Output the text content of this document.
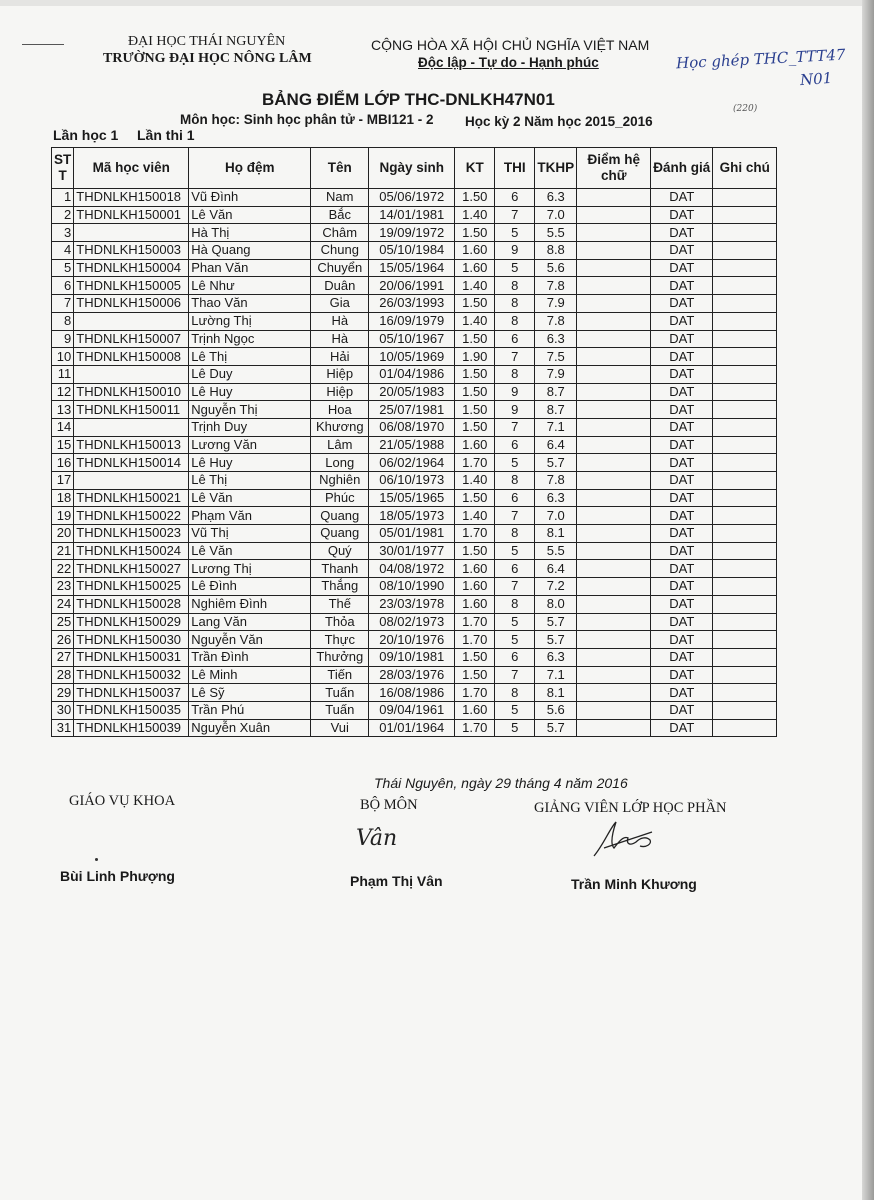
ĐẠI HỌC THÁI NGUYÊN
TRƯỜNG ĐẠI HỌC NÔNG LÂM
CỘNG HÒA XÃ HỘI CHỦ NGHĨA VIỆT NAM
Độc lập - Tự do - Hạnh phúc	Học ghép THC_TTT47
N01
(220)
BẢNG ĐIỂM LỚP THC-DNLKH47N01
Môn học: Sinh học phân tử - MBI121 - 2 Học kỳ 2 Năm học 2015_2016
Lần học 1 Lần thi 1
ST T	Mã học viên	Họ đệm	Tên	Ngày sinh	KT	THI	TKHP	Điểm hệ chữ	Đánh giá	Ghi chú
1	THDNLKH150018	Vũ Đình	Nam	05/06/1972	1.50	6	6.3		DAT	
2	THDNLKH150001	Lê Văn	Bắc	14/01/1981	1.40	7	7.0		DAT	
3		Hà Thị	Châm	19/09/1972	1.50	5	5.5		DAT	
4	THDNLKH150003	Hà Quang	Chung	05/10/1984	1.60	9	8.8		DAT	
5	THDNLKH150004	Phan Văn	Chuyển	15/05/1964	1.60	5	5.6		DAT	
6	THDNLKH150005	Lê Như	Duân	20/06/1991	1.40	8	7.8		DAT	
7	THDNLKH150006	Thao Văn	Gia	26/03/1993	1.50	8	7.9		DAT	
8		Lường Thị	Hà	16/09/1979	1.40	8	7.8		DAT	
9	THDNLKH150007	Trịnh Ngọc	Hà	05/10/1967	1.50	6	6.3		DAT	
10	THDNLKH150008	Lê Thị	Hải	10/05/1969	1.90	7	7.5		DAT	
11		Lê Duy	Hiệp	01/04/1986	1.50	8	7.9		DAT	
12	THDNLKH150010	Lê Huy	Hiệp	20/05/1983	1.50	9	8.7		DAT	
13	THDNLKH150011	Nguyễn Thị	Hoa	25/07/1981	1.50	9	8.7		DAT	
14		Trịnh Duy	Khương	06/08/1970	1.50	7	7.1		DAT	
15	THDNLKH150013	Lương Văn	Lâm	21/05/1988	1.60	6	6.4		DAT	
16	THDNLKH150014	Lê Huy	Long	06/02/1964	1.70	5	5.7		DAT	
17		Lê Thị	Nghiên	06/10/1973	1.40	8	7.8		DAT	
18	THDNLKH150021	Lê Văn	Phúc	15/05/1965	1.50	6	6.3		DAT	
19	THDNLKH150022	Phạm Văn	Quang	18/05/1973	1.40	7	7.0		DAT	
20	THDNLKH150023	Vũ Thị	Quang	05/01/1981	1.70	8	8.1		DAT	
21	THDNLKH150024	Lê Văn	Quý	30/01/1977	1.50	5	5.5		DAT	
22	THDNLKH150027	Lương Thị	Thanh	04/08/1972	1.60	6	6.4		DAT	
23	THDNLKH150025	Lê Đình	Thắng	08/10/1990	1.60	7	7.2		DAT	
24	THDNLKH150028	Nghiêm Đình	Thế	23/03/1978	1.60	8	8.0		DAT	
25	THDNLKH150029	Lang Văn	Thỏa	08/02/1973	1.70	5	5.7		DAT	
26	THDNLKH150030	Nguyễn Văn	Thực	20/10/1976	1.70	5	5.7		DAT	
27	THDNLKH150031	Trần Đình	Thưởng	09/10/1981	1.50	6	6.3		DAT	
28	THDNLKH150032	Lê Minh	Tiến	28/03/1976	1.50	7	7.1		DAT	
29	THDNLKH150037	Lê Sỹ	Tuấn	16/08/1986	1.70	8	8.1		DAT	
30	THDNLKH150035	Trần Phú	Tuấn	09/04/1961	1.60	5	5.6		DAT	
31	THDNLKH150039	Nguyễn Xuân	Vui	01/01/1964	1.70	5	5.7		DAT	
Thái Nguyên, ngày 29 tháng 4 năm 2016
GIÁO VỤ KHOA	BỘ MÔN	GIẢNG VIÊN LỚP HỌC PHẦN
Vân
Bùi Linh Phượng	Phạm Thị Vân	Trần Minh Khương
